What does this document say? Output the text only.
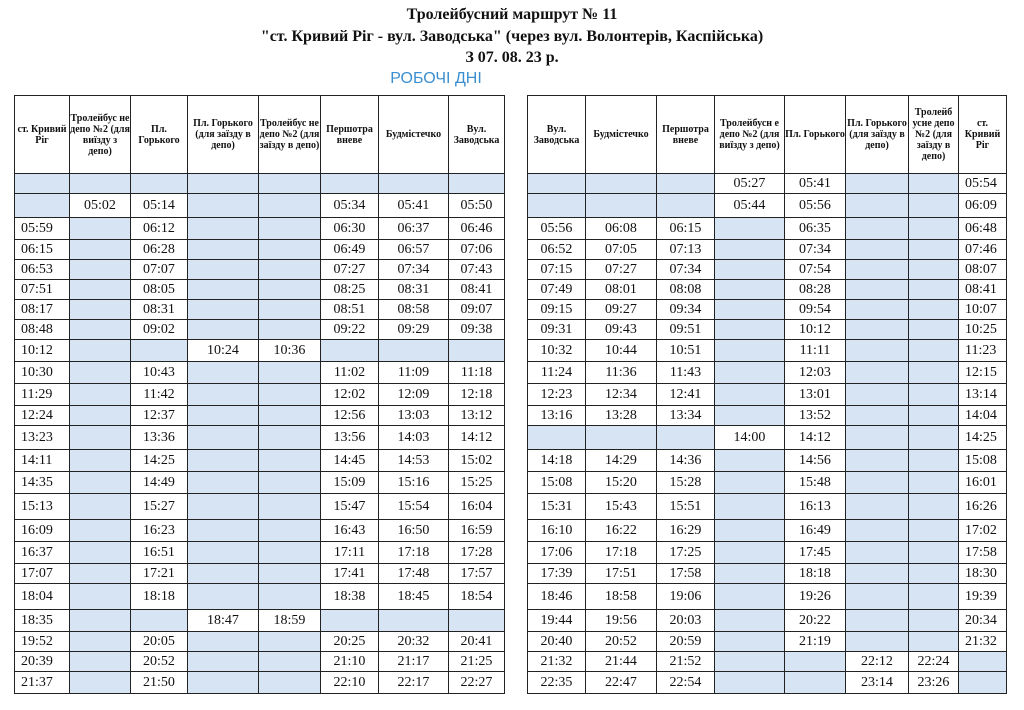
Тролейбусний маршрут № 11
"ст. Кривий Ріг - вул. Заводська" (через вул. Волонтерів, Каспійська)
З 07. 08. 23 р.
РОБОЧІ ДНІ
ст. Кривий Ріг	Тролейбус не депо №2 (для виїзду з депо)	Пл. Горького	Пл. Горького (для заїзду в депо)	Тролейбус не депо №2 (для заїзду в депо)	Першотра вневе	Будмістечко	Вул. Заводська

	05:02	05:14			05:34	05:41	05:50
05:59		06:12			06:30	06:37	06:46
06:15		06:28			06:49	06:57	07:06
06:53		07:07			07:27	07:34	07:43
07:51		08:05			08:25	08:31	08:41
08:17		08:31			08:51	08:58	09:07
08:48		09:02			09:22	09:29	09:38
10:12			10:24	10:36			
10:30		10:43			11:02	11:09	11:18
11:29		11:42			12:02	12:09	12:18
12:24		12:37			12:56	13:03	13:12
13:23		13:36			13:56	14:03	14:12
14:11		14:25			14:45	14:53	15:02
14:35		14:49			15:09	15:16	15:25
15:13		15:27			15:47	15:54	16:04
16:09		16:23			16:43	16:50	16:59
16:37		16:51			17:11	17:18	17:28
17:07		17:21			17:41	17:48	17:57
18:04		18:18			18:38	18:45	18:54
18:35			18:47	18:59			
19:52		20:05			20:25	20:32	20:41
20:39		20:52			21:10	21:17	21:25
21:37		21:50			22:10	22:17	22:27
Вул. Заводська	Будмістечко	Першотра вневе	Тролейбусн е депо №2 (для виїзду з депо)	Пл. Горького	Пл. Горького (для заїзду в депо)	Тролейб усне депо №2 (для заїзду в депо)	ст. Кривий Ріг
			05:27	05:41			05:54
			05:44	05:56			06:09
05:56	06:08	06:15		06:35			06:48
06:52	07:05	07:13		07:34			07:46
07:15	07:27	07:34		07:54			08:07
07:49	08:01	08:08		08:28			08:41
09:15	09:27	09:34		09:54			10:07
09:31	09:43	09:51		10:12			10:25
10:32	10:44	10:51		11:11			11:23
11:24	11:36	11:43		12:03			12:15
12:23	12:34	12:41		13:01			13:14
13:16	13:28	13:34		13:52			14:04
			14:00	14:12			14:25
14:18	14:29	14:36		14:56			15:08
15:08	15:20	15:28		15:48			16:01
15:31	15:43	15:51		16:13			16:26
16:10	16:22	16:29		16:49			17:02
17:06	17:18	17:25		17:45			17:58
17:39	17:51	17:58		18:18			18:30
18:46	18:58	19:06		19:26			19:39
19:44	19:56	20:03		20:22			20:34
20:40	20:52	20:59		21:19			21:32
21:32	21:44	21:52			22:12	22:24	
22:35	22:47	22:54			23:14	23:26	
